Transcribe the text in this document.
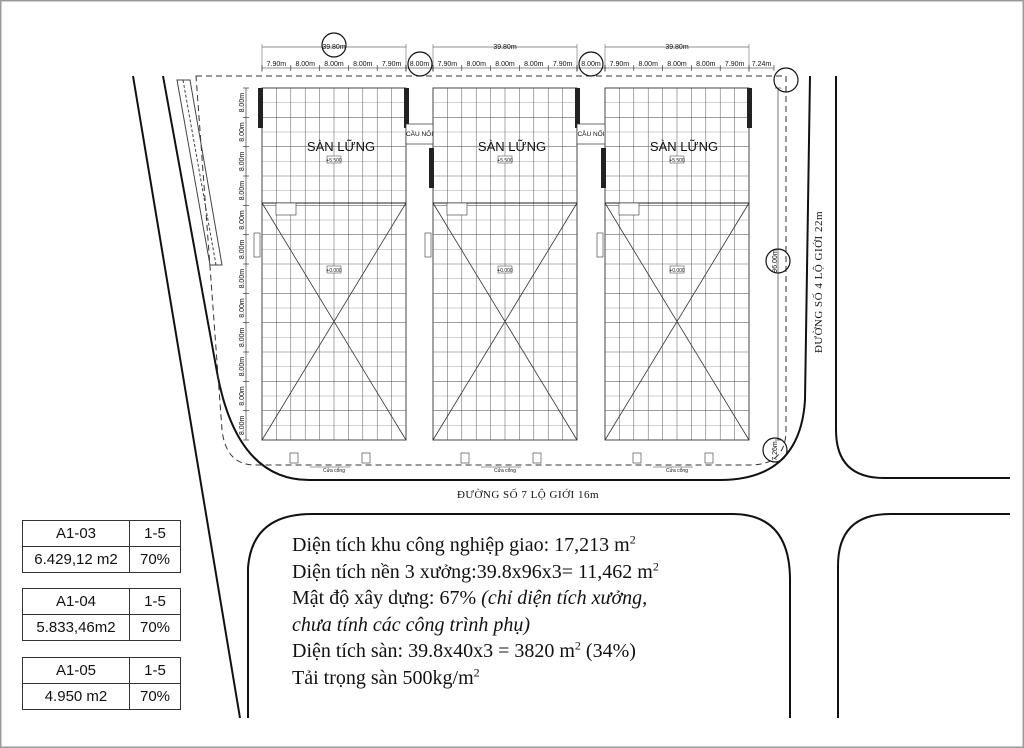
+5.500
+0.000
Cửa cổng
+5.500
+0.000
Cửa cổng
+5.500
+0.000
Cửa cổng
7.90m 8.00m 8.00m 8.00m 7.90m	7.90m 8.00m 8.00m 8.00m 7.90m	7.90m 8.00m 8.00m 8.00m 7.90m 7.24m
8.00m	8.00m
39.80m	39.80m	39.80m
8.00m
8.00m
8.00m
8.00m
8.00m
8.00m
8.00m
8.00m
8.00m
8.00m
8.00m
8.00m
96.00m
7.26m
SÀN LỮNG	SÀN LỮNG	SÀN LỮNG
CẦU NỐI	CẦU NỐI
ĐƯỜNG SỐ 7 LỘ GIỚI 16m
ĐƯỜNG SỐ 4 LỘ GIỚI 22m
A1-03	1-5
6.429,12 m2	70%
A1-04	1-5
5.833,46m2	70%
A1-05	1-5
4.950 m2	70%
Diện tích khu công nghiệp giao: 17,213 $m^2$
Diện tích nền 3 xưởng:39.8x96x3= 11,462 $m^2$
Mật độ xây dựng: 67% (chỉ diện tích xưởng,
chưa tính các công trình phụ)
Diện tích sàn: 39.8x40x3 = 3820 $m^2$ (34%)
Tải trọng sàn $500kg/m^2$
